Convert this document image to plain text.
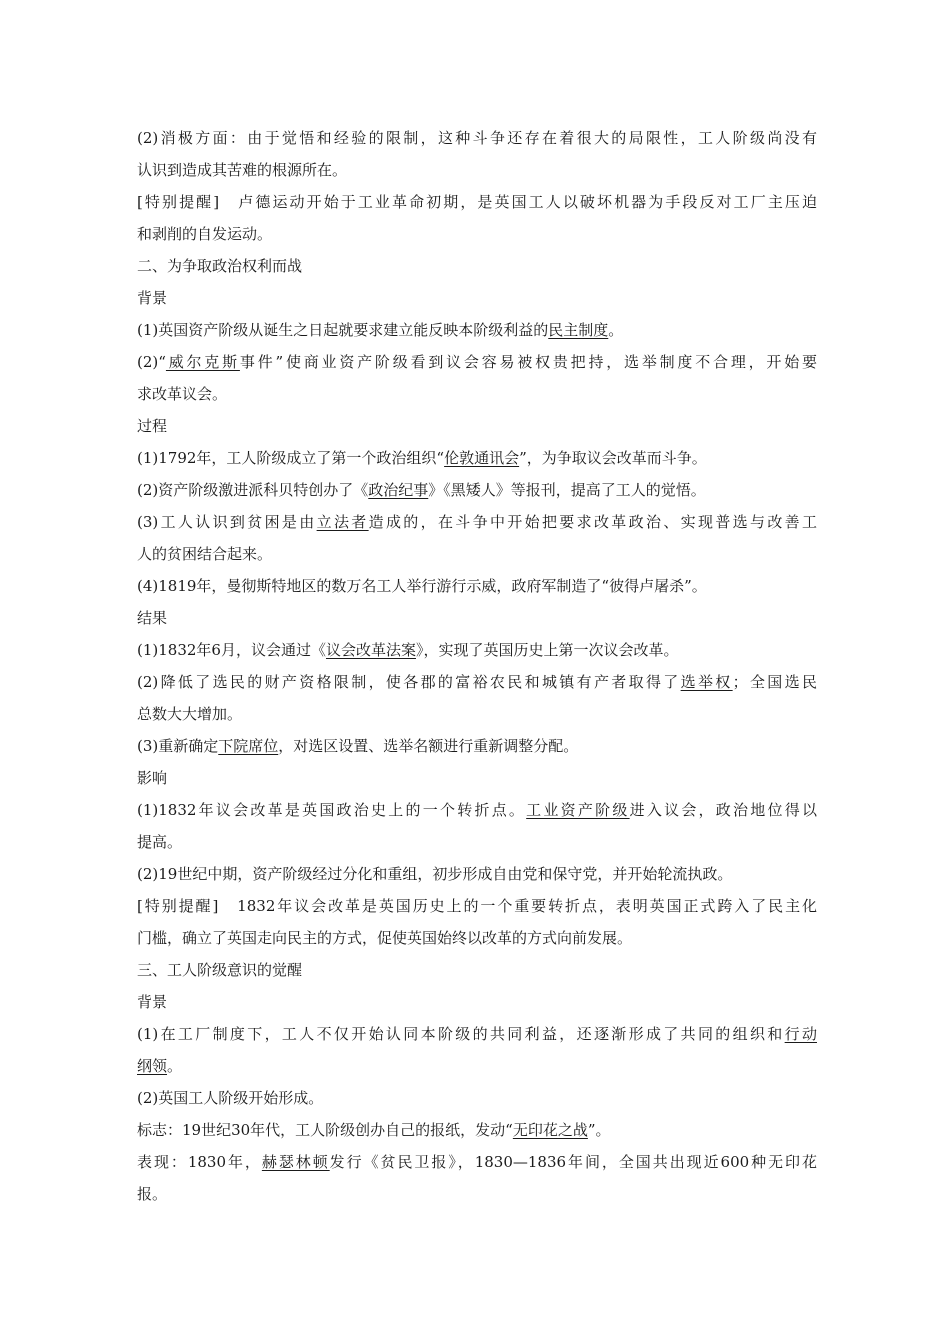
(2)消极方面：由于觉悟和经验的限制，这种斗争还存在着很大的局限性，工人阶级尚没有
认识到造成其苦难的根源所在。
[特别提醒]　卢德运动开始于工业革命初期，是英国工人以破坏机器为手段反对工厂主压迫
和剥削的自发运动。
二、为争取政治权利而战
背景
(1)英国资产阶级从诞生之日起就要求建立能反映本阶级利益的民主制度。
(2)“威尔克斯事件”使商业资产阶级看到议会容易被权贵把持，选举制度不合理，开始要
求改革议会。
过程
(1)1792年，工人阶级成立了第一个政治组织“伦敦通讯会”，为争取议会改革而斗争。
(2)资产阶级激进派科贝特创办了《政治纪事》《黑矮人》等报刊，提高了工人的觉悟。
(3)工人认识到贫困是由立法者造成的，在斗争中开始把要求改革政治、实现普选与改善工
人的贫困结合起来。
(4)1819年，曼彻斯特地区的数万名工人举行游行示威，政府军制造了“彼得卢屠杀”。
结果
(1)1832年6月，议会通过《议会改革法案》，实现了英国历史上第一次议会改革。
(2)降低了选民的财产资格限制，使各郡的富裕农民和城镇有产者取得了选举权；全国选民
总数大大增加。
(3)重新确定下院席位，对选区设置、选举名额进行重新调整分配。
影响
(1)1832年议会改革是英国政治史上的一个转折点。工业资产阶级进入议会，政治地位得以
提高。
(2)19世纪中期，资产阶级经过分化和重组，初步形成自由党和保守党，并开始轮流执政。
[特别提醒]　1832年议会改革是英国历史上的一个重要转折点，表明英国正式跨入了民主化
门槛，确立了英国走向民主的方式，促使英国始终以改革的方式向前发展。
三、工人阶级意识的觉醒
背景
(1)在工厂制度下，工人不仅开始认同本阶级的共同利益，还逐渐形成了共同的组织和行动
纲领。
(2)英国工人阶级开始形成。
标志：19世纪30年代，工人阶级创办自己的报纸，发动“无印花之战”。
表现：1830年，赫瑟林顿发行《贫民卫报》，1830—1836年间，全国共出现近600种无印花
报。
